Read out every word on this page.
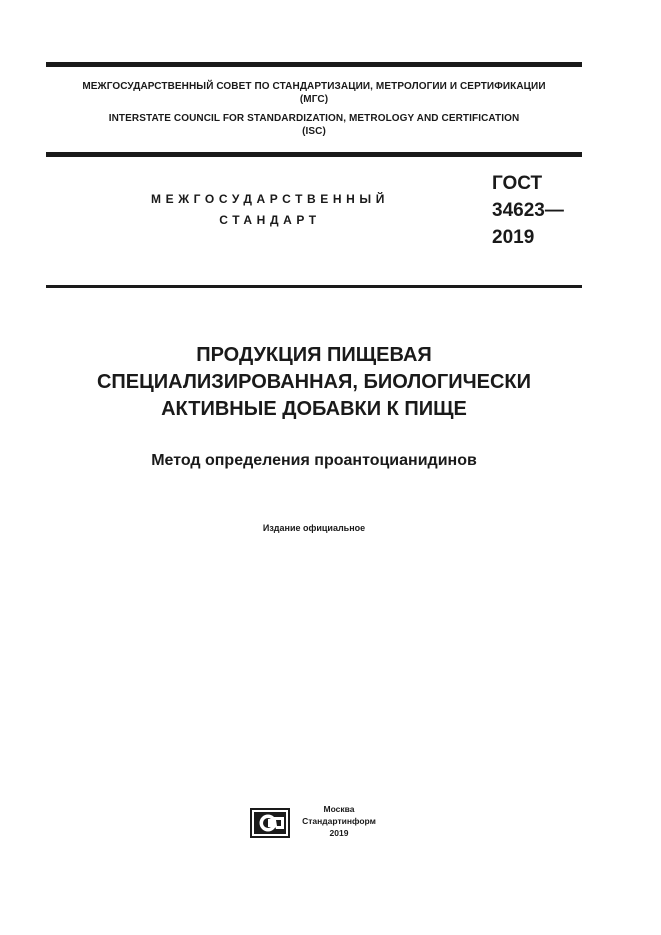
МЕЖГОСУДАРСТВЕННЫЙ СОВЕТ ПО СТАНДАРТИЗАЦИИ, МЕТРОЛОГИИ И СЕРТИФИКАЦИИ
(МГС)
INTERSTATE COUNCIL FOR STANDARDIZATION, METROLOGY AND CERTIFICATION
(ISC)
МЕЖГОСУДАРСТВЕННЫЙ
СТАНДАРТ
ГОСТ
34623—
2019
ПРОДУКЦИЯ ПИЩЕВАЯ
СПЕЦИАЛИЗИРОВАННАЯ, БИОЛОГИЧЕСКИ
АКТИВНЫЕ ДОБАВКИ К ПИЩЕ
Метод определения проантоцианидинов
Издание официальное
Москва
Стандартинформ
2019
